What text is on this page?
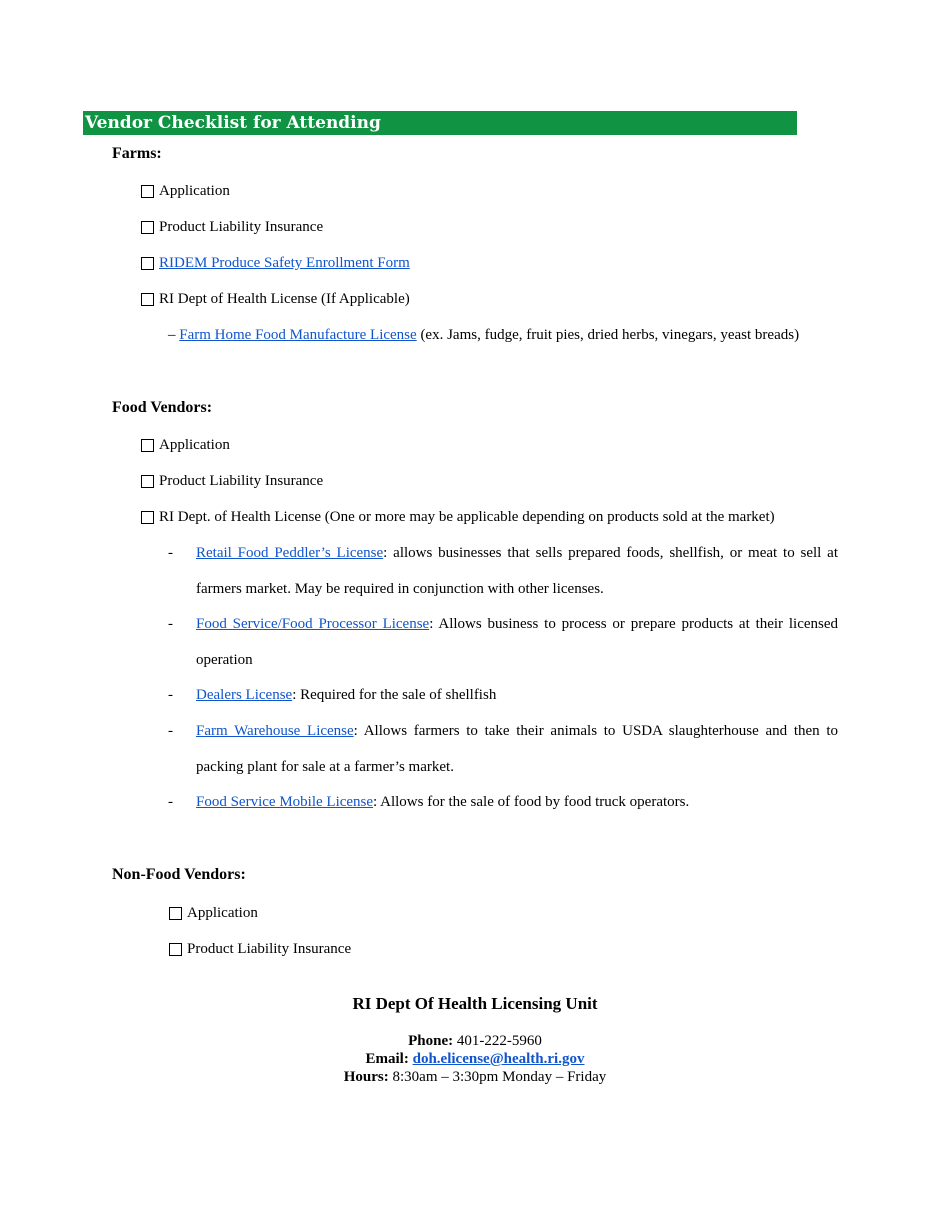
Vendor Checklist for Attending
Farms:
Application
Product Liability Insurance
RIDEM Produce Safety Enrollment Form
RI Dept of Health License (If Applicable)
– Farm Home Food Manufacture License (ex. Jams, fudge, fruit pies, dried herbs, vinegars, yeast breads)
Food Vendors:
Application
Product Liability Insurance
RI Dept. of Health License (One or more may be applicable depending on products sold at the market)
- Retail Food Peddler’s License: allows businesses that sells prepared foods, shellfish, or meat to sell at
farmers market. May be required in conjunction with other licenses.
- Food Service/Food Processor License: Allows business to process or prepare products at their licensed
operation
- Dealers License: Required for the sale of shellfish
- Farm Warehouse License: Allows farmers to take their animals to USDA slaughterhouse and then to
packing plant for sale at a farmer’s market.
- Food Service Mobile License: Allows for the sale of food by food truck operators.
Non-Food Vendors:
Application
Product Liability Insurance
RI Dept Of Health Licensing Unit
Phone: 401-222-5960
Email: doh.elicense@health.ri.gov
Hours: 8:30am – 3:30pm Monday – Friday
